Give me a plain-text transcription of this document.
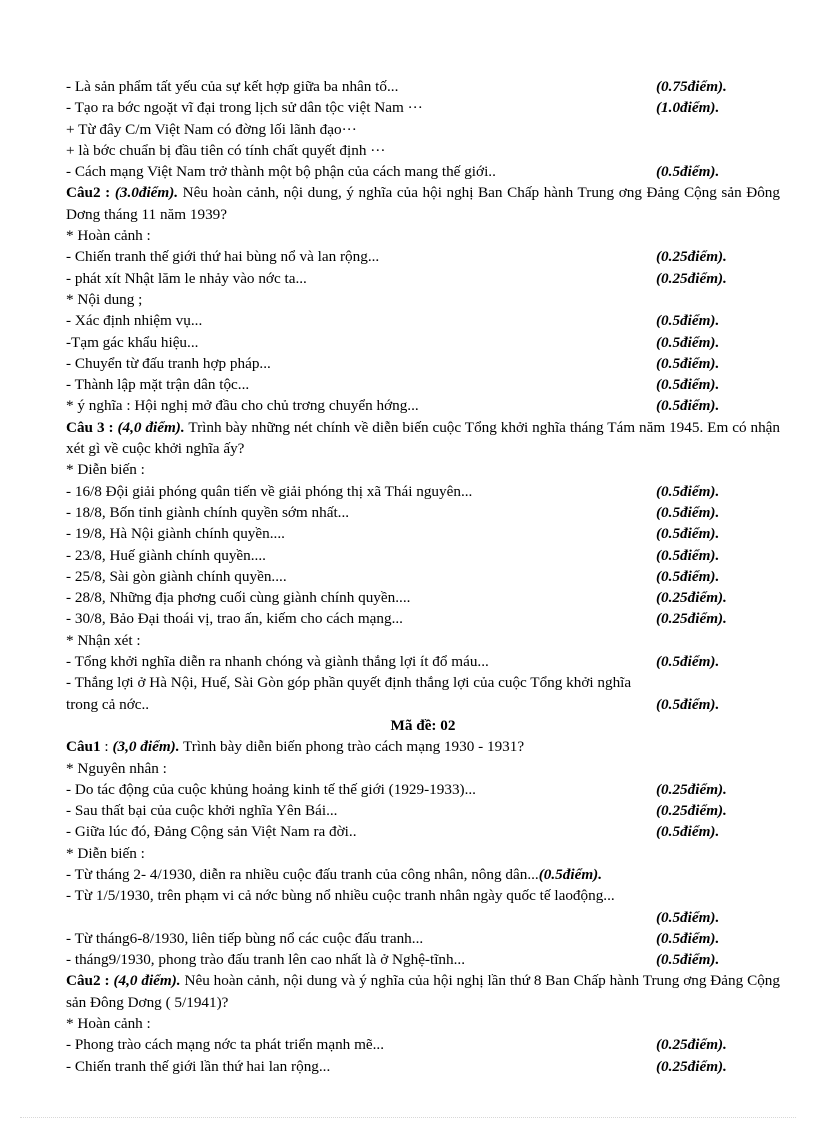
- Là sản phẩm tất yếu của sự kết hợp giữa ba nhân tố...	(0.75điểm).
- Tạo ra bớc ngoặt vĩ đại trong lịch sử dân tộc việt Nam ···	(1.0điểm).
+ Từ đây C/m Việt Nam có đờng lối lãnh đạo···
+ là bớc chuẩn bị đầu tiên có tính chất quyết định ···
- Cách mạng Việt Nam trở thành một bộ phận của cách mang thế giới..	(0.5điểm).
Câu2 : (3.0điểm). Nêu hoàn cảnh, nội dung, ý nghĩa của hội nghị Ban Chấp hành Trung ơng Đảng Cộng sản Đông Dơng tháng 11 năm 1939?
* Hoàn cảnh :
- Chiến tranh thế giới thứ hai bùng nổ và lan rộng...	(0.25điểm).
- phát xít Nhật lăm le nhảy vào nớc ta...	(0.25điểm).
* Nội dung ;
- Xác định nhiệm vụ...	(0.5điểm).
-Tạm gác khẩu hiệu...	(0.5điểm).
- Chuyển từ đấu tranh hợp pháp...	(0.5điểm).
- Thành lập mặt trận dân tộc...	(0.5điểm).
* ý nghĩa : Hội nghị mở đầu cho chủ trơng chuyển hớng...	(0.5điểm).
Câu 3 : (4,0 điểm). Trình bày những nét chính về diễn biến cuộc Tổng khởi nghĩa tháng Tám năm 1945. Em có nhận xét gì về cuộc khởi nghĩa ấy?
* Diễn biến :
- 16/8 Đội giải phóng quân tiến về giải phóng thị xã Thái nguyên...	(0.5điểm).
- 18/8, Bốn tỉnh giành chính quyền sớm nhất...	(0.5điểm).
- 19/8, Hà Nội giành chính quyền....	(0.5điểm).
- 23/8, Huế giành chính quyền....	(0.5điểm).
- 25/8, Sài gòn giành chính quyền....	(0.5điểm).
- 28/8, Những địa phơng cuối cùng giành chính quyền....	(0.25điểm).
- 30/8, Bảo Đại thoái vị, trao ấn, kiếm cho cách mạng...	(0.25điểm).
* Nhận xét :
- Tổng khởi nghĩa diễn ra nhanh chóng và giành thắng lợi ít đổ máu...	(0.5điểm).
- Thắng lợi ở Hà Nội, Huế, Sài Gòn góp phần quyết định thắng lợi của cuộc Tổng khởi nghĩa
trong cả nớc..	(0.5điểm).
Mã đề: 02
Câu1 : (3,0 điểm). Trình bày diễn biến phong trào cách mạng 1930 - 1931?
* Nguyên nhân :
- Do tác động của cuộc khủng hoảng kinh tế thế giới (1929-1933)...	(0.25điểm).
- Sau thất bại của cuộc khởi nghĩa Yên Bái...	(0.25điểm).
- Giữa lúc đó, Đảng Cộng sản Việt Nam ra đời..	(0.5điểm).
* Diễn biến :
- Từ tháng 2- 4/1930, diễn ra nhiều cuộc đấu tranh của công nhân, nông dân...(0.5điểm).
- Từ 1/5/1930, trên phạm vi cả nớc bùng nổ nhiều cuộc tranh nhân ngày quốc tế laođộng...
(0.5điểm).
- Từ tháng6-8/1930, liên tiếp bùng nổ các cuộc đấu tranh...	(0.5điểm).
- tháng9/1930, phong trào đấu tranh lên cao nhất là ở Nghệ-tĩnh...	(0.5điểm).
Câu2 : (4,0 điểm). Nêu hoàn cảnh, nội dung và ý nghĩa của hội nghị lần thứ 8 Ban Chấp hành Trung ơng Đảng Cộng sản Đông Dơng ( 5/1941)?
* Hoàn cảnh :
- Phong trào cách mạng nớc ta phát triển mạnh mẽ...	(0.25điểm).
- Chiến tranh thế giới lần thứ hai lan rộng...	(0.25điểm).
